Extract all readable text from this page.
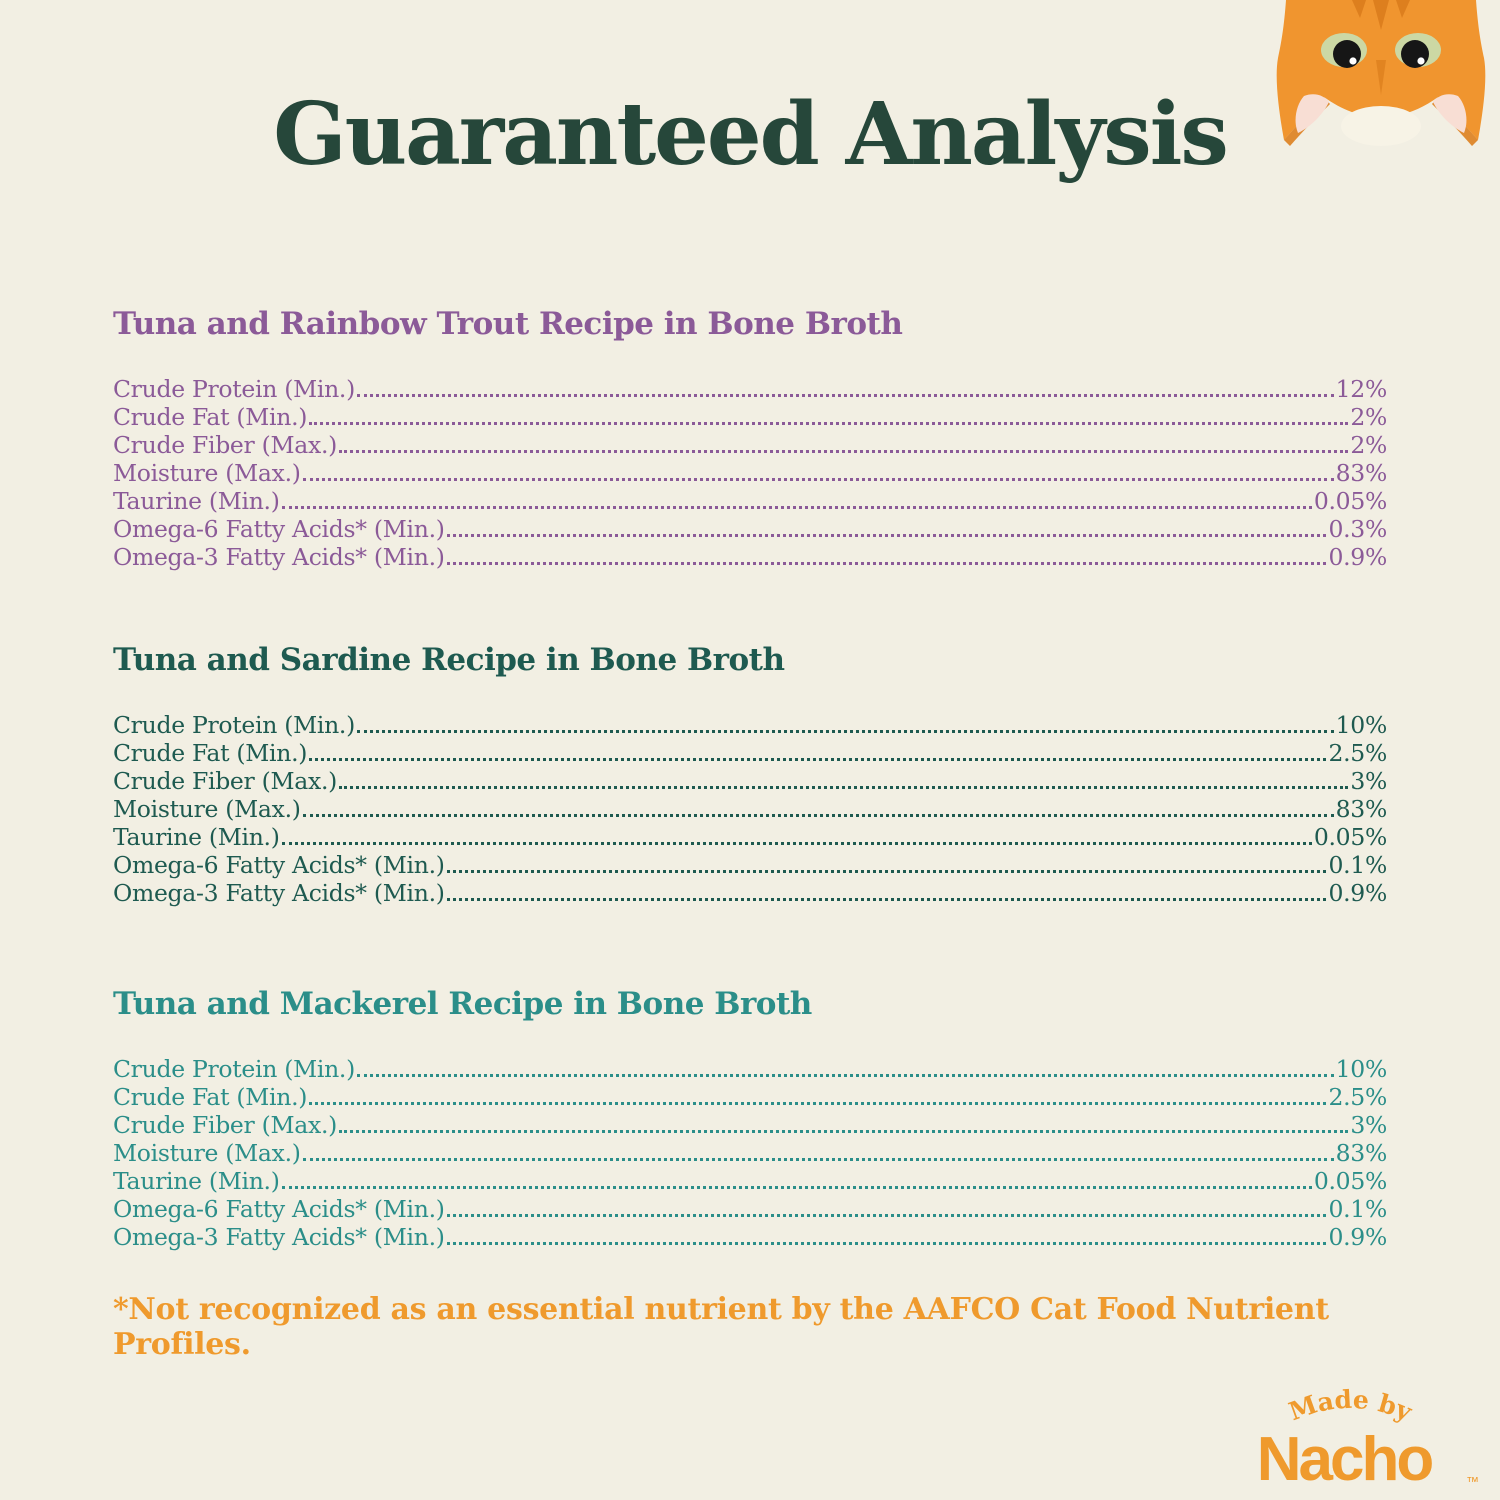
Guaranteed Analysis
Tuna and Rainbow Trout Recipe in Bone Broth
Crude Protein (Min.)	12%
Crude Fat (Min.)	2%
Crude Fiber (Max.)	2%
Moisture (Max.)	83%
Taurine (Min.)	0.05%
Omega-6 Fatty Acids* (Min.)	0.3%
Omega-3 Fatty Acids* (Min.)	0.9%
Tuna and Sardine Recipe in Bone Broth
Crude Protein (Min.)	10%
Crude Fat (Min.)	2.5%
Crude Fiber (Max.)	3%
Moisture (Max.)	83%
Taurine (Min.)	0.05%
Omega-6 Fatty Acids* (Min.)	0.1%
Omega-3 Fatty Acids* (Min.)	0.9%
Tuna and Mackerel Recipe in Bone Broth
Crude Protein (Min.)	10%
Crude Fat (Min.)	2.5%
Crude Fiber (Max.)	3%
Moisture (Max.)	83%
Taurine (Min.)	0.05%
Omega-6 Fatty Acids* (Min.)	0.1%
Omega-3 Fatty Acids* (Min.)	0.9%

*Not recognized as an essential nutrient by the AAFCO Cat Food Nutrient Profiles.

Made by
Nacho	™
